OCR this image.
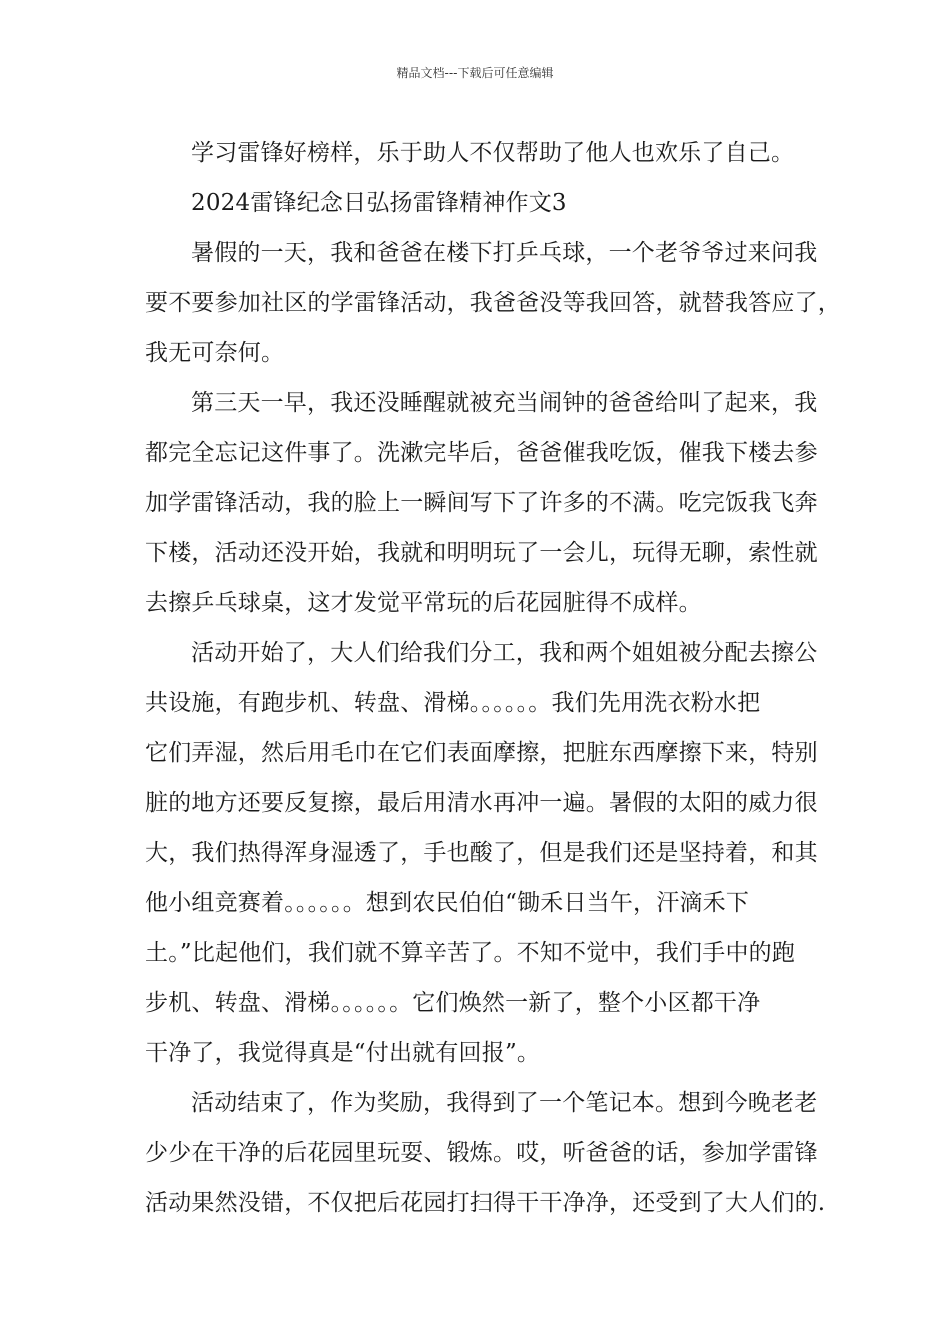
精品文档---下载后可任意编辑
学习雷锋好榜样，乐于助人不仅帮助了他人也欢乐了自己。
2024雷锋纪念日弘扬雷锋精神作文3
暑假的一天，我和爸爸在楼下打乒乓球，一个老爷爷过来问我
要不要参加社区的学雷锋活动，我爸爸没等我回答，就替我答应了，
我无可奈何。
第三天一早，我还没睡醒就被充当闹钟的爸爸给叫了起来，我
都完全忘记这件事了。洗漱完毕后，爸爸催我吃饭，催我下楼去参
加学雷锋活动，我的脸上一瞬间写下了许多的不满。吃完饭我飞奔
下楼，活动还没开始，我就和明明玩了一会儿，玩得无聊，索性就
去擦乒乓球桌，这才发觉平常玩的后花园脏得不成样。
活动开始了，大人们给我们分工，我和两个姐姐被分配去擦公
共设施，有跑步机、转盘、滑梯。。。。。。我们先用洗衣粉水把
它们弄湿，然后用毛巾在它们表面摩擦，把脏东西摩擦下来，特别
脏的地方还要反复擦，最后用清水再冲一遍。暑假的太阳的威力很
大，我们热得浑身湿透了，手也酸了，但是我们还是坚持着，和其
他小组竞赛着。。。。。。想到农民伯伯“锄禾日当午，汗滴禾下
土。”比起他们，我们就不算辛苦了。不知不觉中，我们手中的跑
步机、转盘、滑梯。。。。。。它们焕然一新了，整个小区都干净
干净了，我觉得真是“付出就有回报”。
活动结束了，作为奖励，我得到了一个笔记本。想到今晚老老
少少在干净的后花园里玩耍、锻炼。哎，听爸爸的话，参加学雷锋
活动果然没错，不仅把后花园打扫得干干净净，还受到了大人们的.
